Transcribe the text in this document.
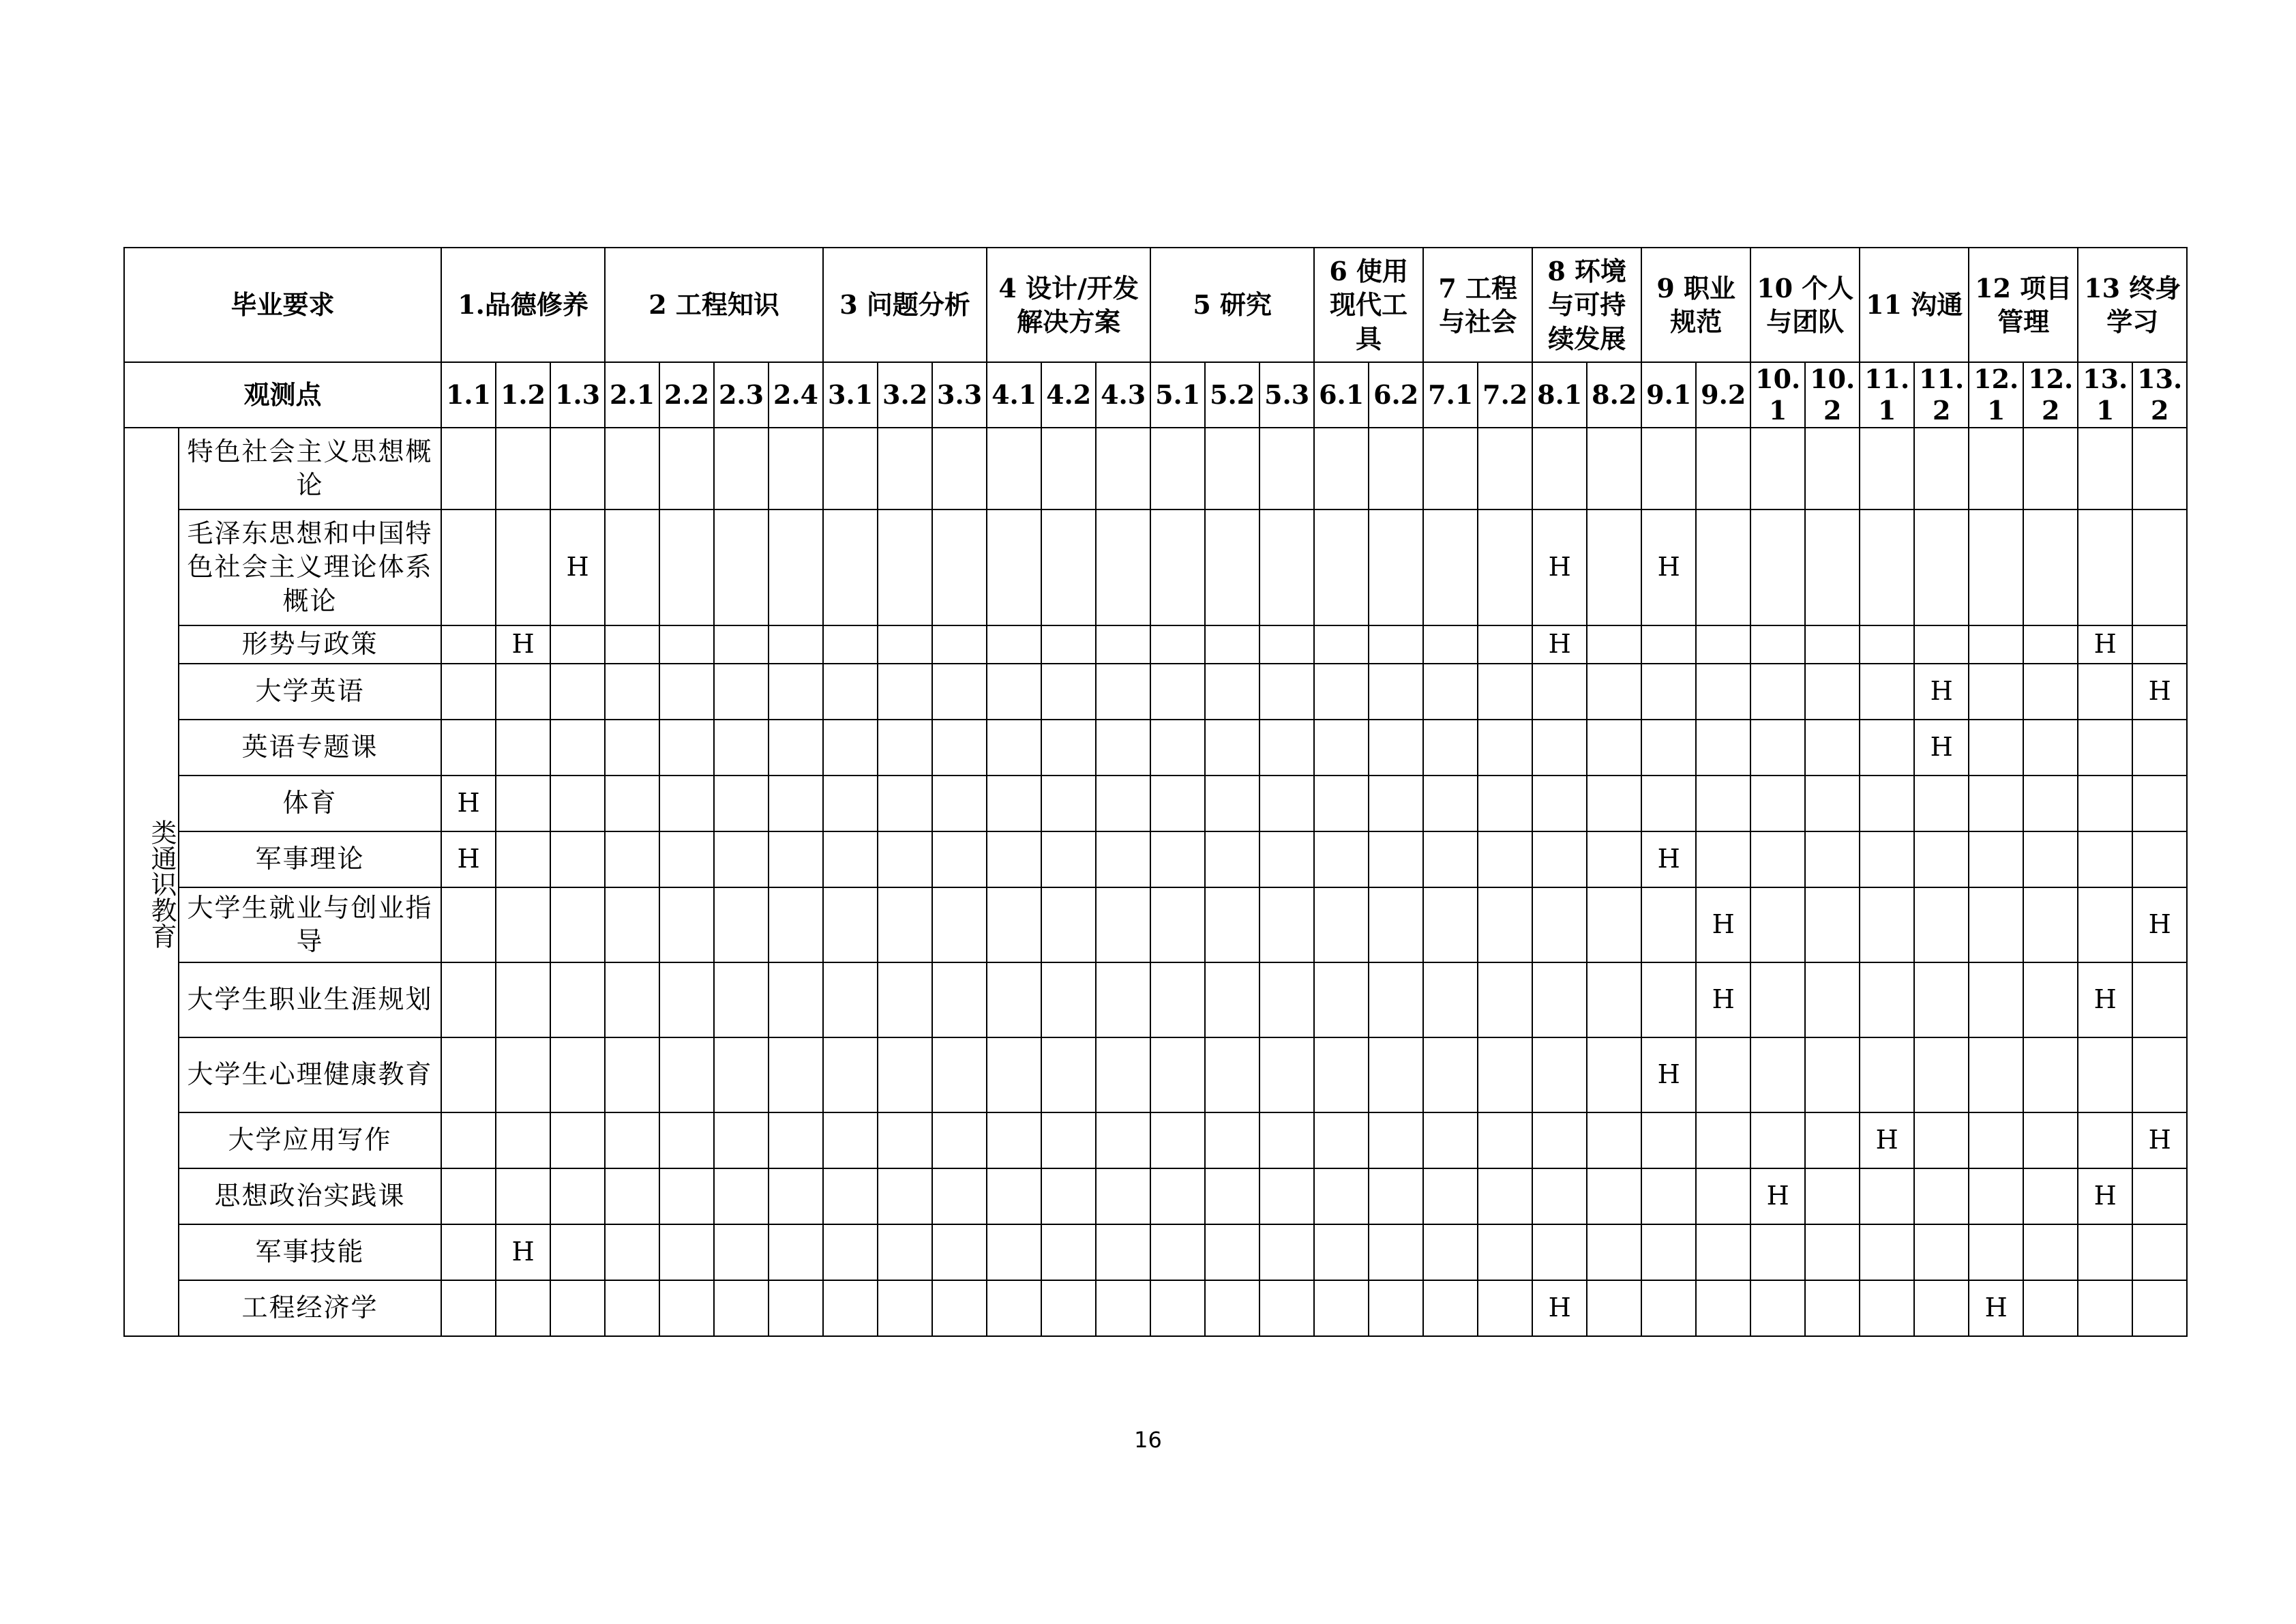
毕业要求		1.品德修养			2 工程知识				3 问题分析			4 设计/开发解决方案			5 研究			6 使用现代工具		7 工程与社会		8 环境与可持续发展		9 职业规范		10 个人与团队		11 沟通		12 项目管理		13 终身学习	
观测点		1.1	1.2	1.3	2.1	2.2	2.3	2.4	3.1	3.2	3.3	4.1	4.2	4.3	5.1	5.2	5.3	6.1	6.2	7.1	7.2	8.1	8.2	9.1	9.2	10.1	10.2	11.1	11.2	12.1	12.2	13.1	13.2
类通识教育	特色社会主义思想概论																																
	毛泽东思想和中国特色社会主义理论体系概论			H																		H		H									
	形势与政策		H																			H										H	
	大学英语																												H				H
	英语专题课																												H				
	体育	H																															
	军事理论	H																						H									
	大学生就业与创业指导																								H								H
	大学生职业生涯规划																								H							H	
	大学生心理健康教育																							H									
	大学应用写作																											H					H
	思想政治实践课																									H						H	
	军事技能		H																														
	工程经济学																					H								H			
16
